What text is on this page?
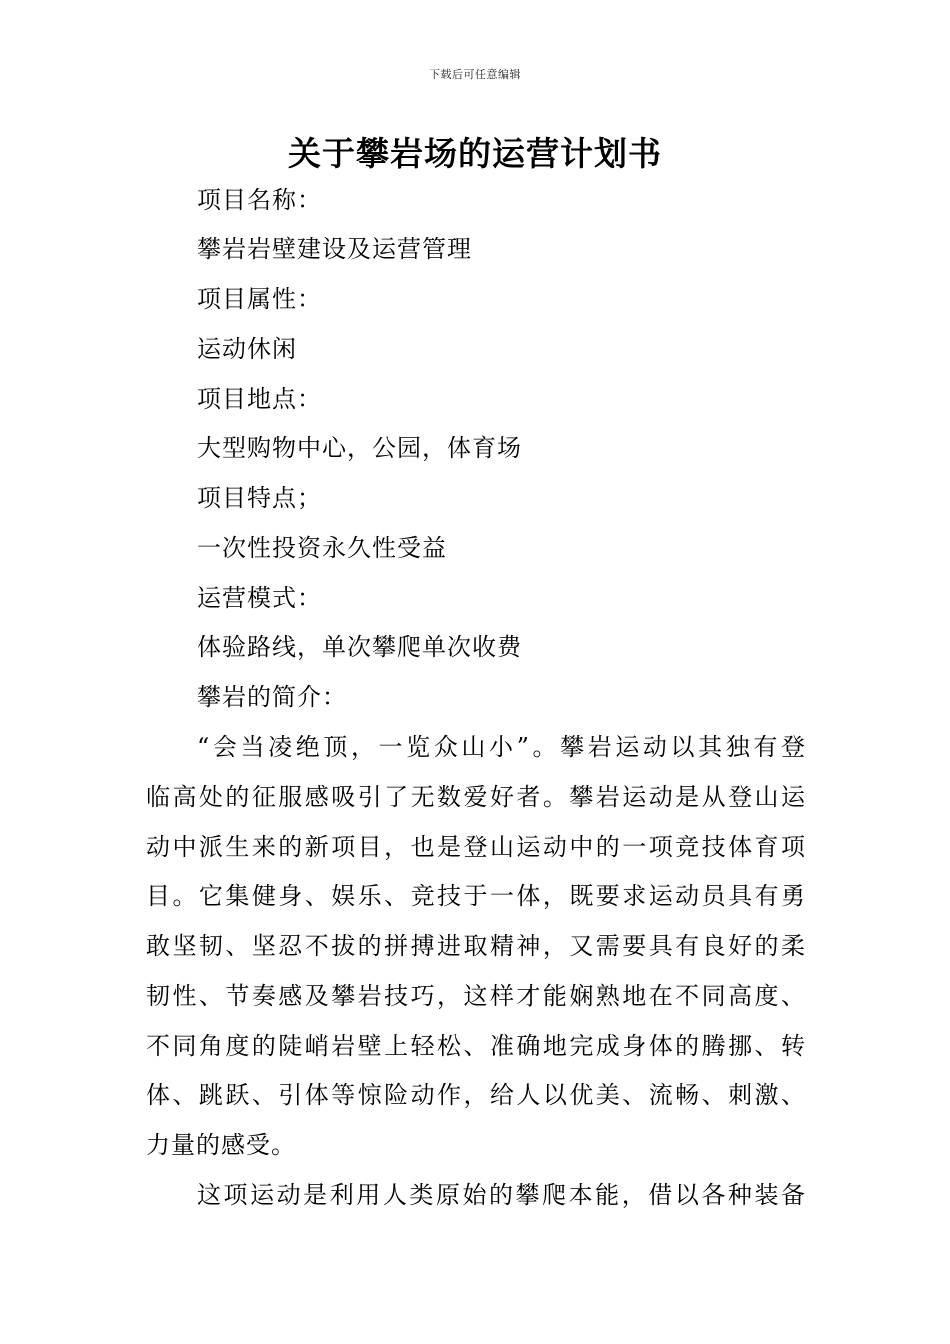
下载后可任意编辑
关于攀岩场的运营计划书
项目名称：
攀岩岩壁建设及运营管理
项目属性：
运动休闲
项目地点：
大型购物中心，公园，体育场
项目特点；
一次性投资永久性受益
运营模式：
体验路线，单次攀爬单次收费
攀岩的简介：
“会当凌绝顶，一览众山小”。攀岩运动以其独有登
临高处的征服感吸引了无数爱好者。攀岩运动是从登山运
动中派生来的新项目，也是登山运动中的一项竞技体育项
目。它集健身、娱乐、竞技于一体，既要求运动员具有勇
敢坚韧、坚忍不拔的拼搏进取精神，又需要具有良好的柔
韧性、节奏感及攀岩技巧，这样才能娴熟地在不同高度、
不同角度的陡峭岩壁上轻松、准确地完成身体的腾挪、转
体、跳跃、引体等惊险动作，给人以优美、流畅、刺激、
力量的感受。
这项运动是利用人类原始的攀爬本能，借以各种装备
